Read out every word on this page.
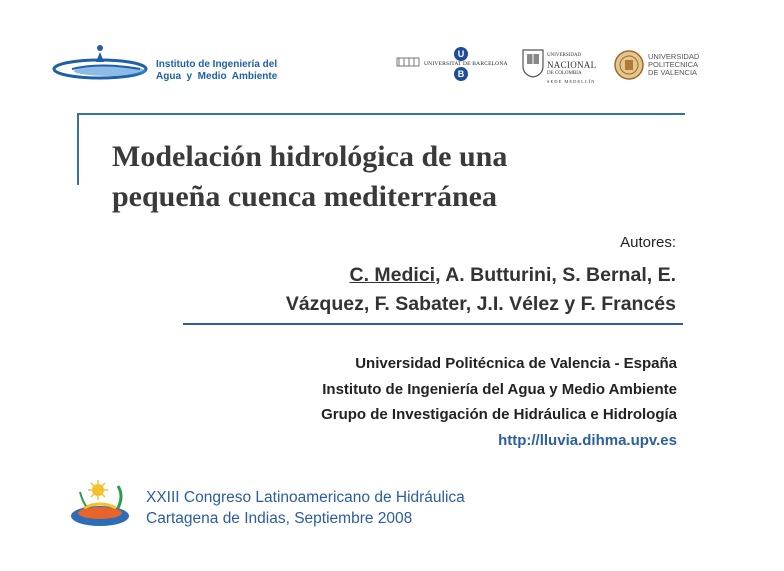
Instituto de Ingeniería del
Agua  y  Medio  Ambiente
U
B
UNIVERSITAT DE BARCELONA
UNIVERSIDAD
NACIONAL
DE COLOMBIA
SEDE MEDELLÍN
UNIVERSIDAD
POLITECNICA
DE VALENCIA
Modelación hidrológica de una
pequeña cuenca mediterránea
Autores:
C. Medici, A. Butturini, S. Bernal, E.
Vázquez, F. Sabater, J.I. Vélez y F. Francés
Universidad Politécnica de Valencia - España
Instituto de Ingeniería del Agua y Medio Ambiente
Grupo de Investigación de Hidráulica e Hidrología
http://lluvia.dihma.upv.es
XXIII Congreso Latinoamericano de Hidráulica
Cartagena de Indias, Septiembre 2008
